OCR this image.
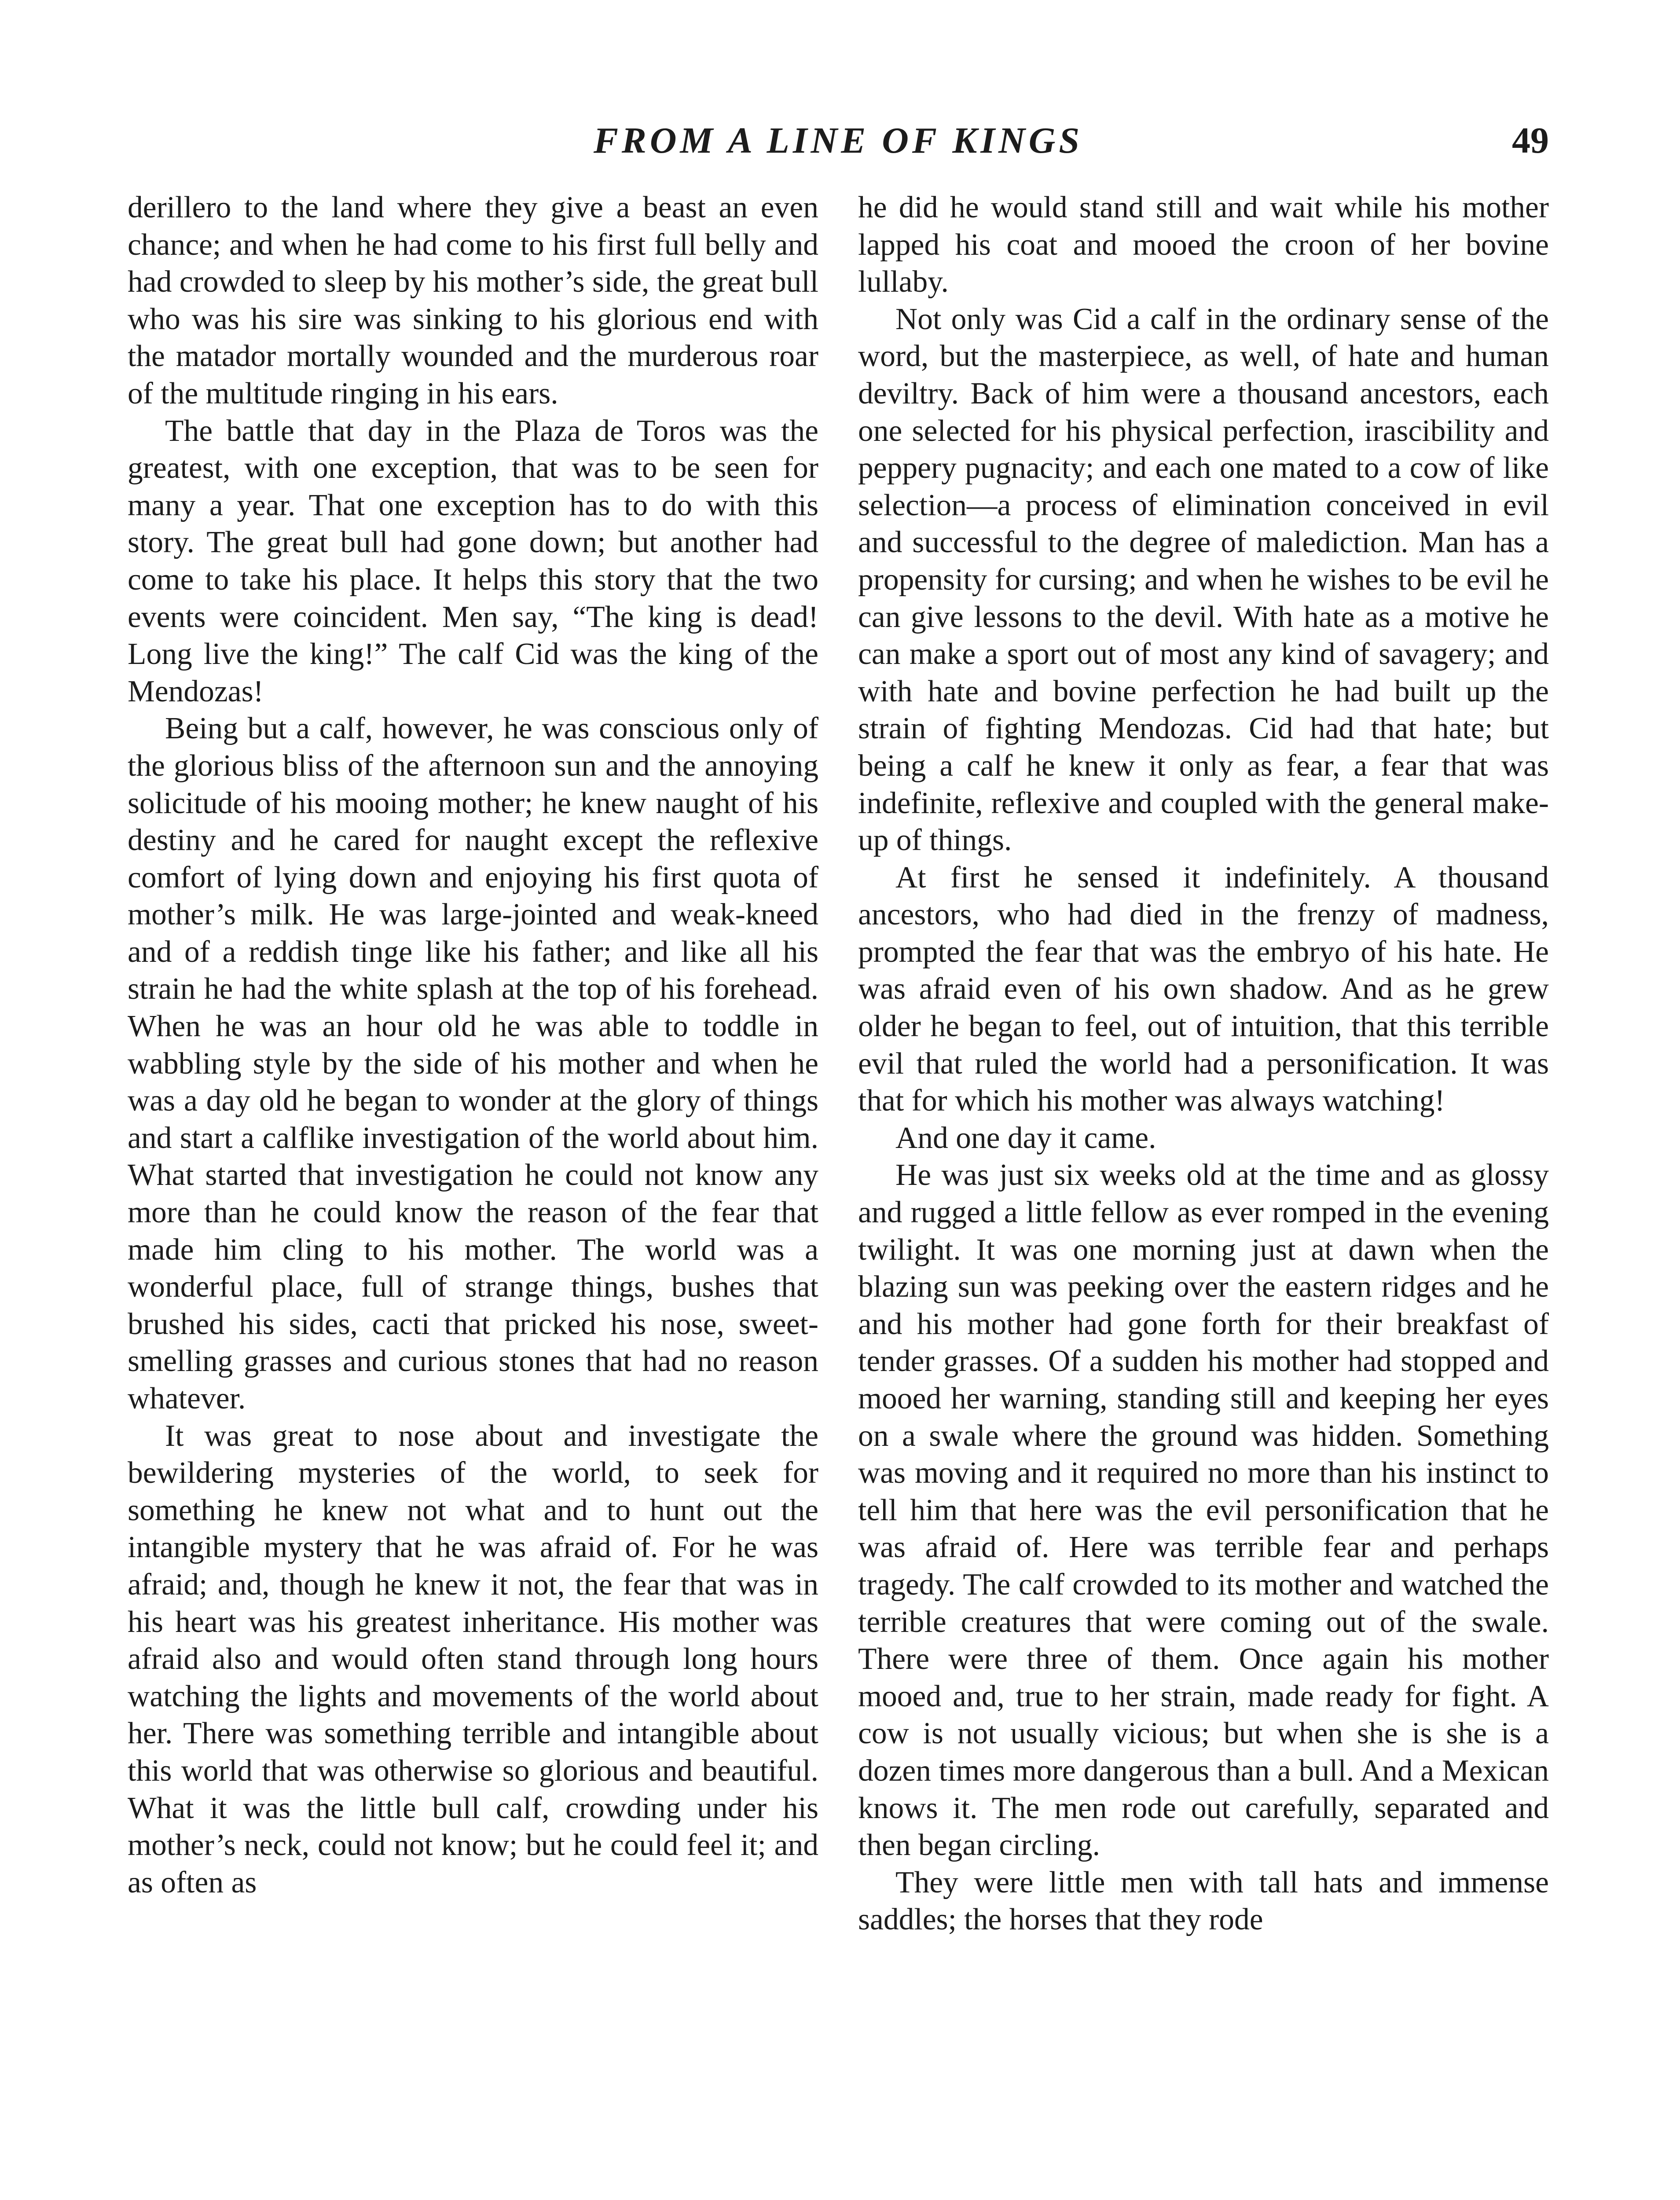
FROM A LINE OF KINGS	49

derillero to the land where they give a beast an even chance; and when he had come to his first full belly and had crowded to sleep by his mother’s side, the great bull who was his sire was sinking to his glorious end with the matador mortally wounded and the murderous roar of the multitude ringing in his ears.

The battle that day in the Plaza de Toros was the greatest, with one exception, that was to be seen for many a year. That one exception has to do with this story. The great bull had gone down; but another had come to take his place. It helps this story that the two events were coincident. Men say, “The king is dead! Long live the king!” The calf Cid was the king of the Mendozas!

Being but a calf, however, he was conscious only of the glorious bliss of the afternoon sun and the annoying solicitude of his mooing mother; he knew naught of his destiny and he cared for naught except the reflexive comfort of lying down and enjoying his first quota of mother’s milk. He was large-jointed and weak-kneed and of a reddish tinge like his father; and like all his strain he had the white splash at the top of his forehead. When he was an hour old he was able to toddle in wabbling style by the side of his mother and when he was a day old he began to wonder at the glory of things and start a calflike investigation of the world about him. What started that investigation he could not know any more than he could know the reason of the fear that made him cling to his mother. The world was a wonderful place, full of strange things, bushes that brushed his sides, cacti that pricked his nose, sweet-smelling grasses and curious stones that had no reason whatever.

It was great to nose about and investigate the bewildering mysteries of the world, to seek for something he knew not what and to hunt out the intangible mystery that he was afraid of. For he was afraid; and, though he knew it not, the fear that was in his heart was his greatest inheritance. His mother was afraid also and would often stand through long hours watching the lights and movements of the world about her. There was something terrible and intangible about this world that was otherwise so glorious and beautiful. What it was the little bull calf, crowding under his mother’s neck, could not know; but he could feel it; and as often as

he did he would stand still and wait while his mother lapped his coat and mooed the croon of her bovine lullaby.

Not only was Cid a calf in the ordinary sense of the word, but the masterpiece, as well, of hate and human deviltry. Back of him were a thousand ancestors, each one selected for his physical perfection, irascibility and peppery pugnacity; and each one mated to a cow of like selection—a process of elimination conceived in evil and successful to the degree of malediction. Man has a propensity for cursing; and when he wishes to be evil he can give lessons to the devil. With hate as a motive he can make a sport out of most any kind of savagery; and with hate and bovine perfection he had built up the strain of fighting Mendozas. Cid had that hate; but being a calf he knew it only as fear, a fear that was indefinite, reflexive and coupled with the general make-up of things.

At first he sensed it indefinitely. A thousand ancestors, who had died in the frenzy of madness, prompted the fear that was the embryo of his hate. He was afraid even of his own shadow. And as he grew older he began to feel, out of intuition, that this terrible evil that ruled the world had a personification. It was that for which his mother was always watching!

And one day it came.

He was just six weeks old at the time and as glossy and rugged a little fellow as ever romped in the evening twilight. It was one morning just at dawn when the blazing sun was peeking over the eastern ridges and he and his mother had gone forth for their breakfast of tender grasses. Of a sudden his mother had stopped and mooed her warning, standing still and keeping her eyes on a swale where the ground was hidden. Something was moving and it required no more than his instinct to tell him that here was the evil personification that he was afraid of. Here was terrible fear and perhaps tragedy. The calf crowded to its mother and watched the terrible creatures that were coming out of the swale. There were three of them. Once again his mother mooed and, true to her strain, made ready for fight. A cow is not usually vicious; but when she is she is a dozen times more dangerous than a bull. And a Mexican knows it. The men rode out carefully, separated and then began circling.

They were little men with tall hats and immense saddles; the horses that they rode
